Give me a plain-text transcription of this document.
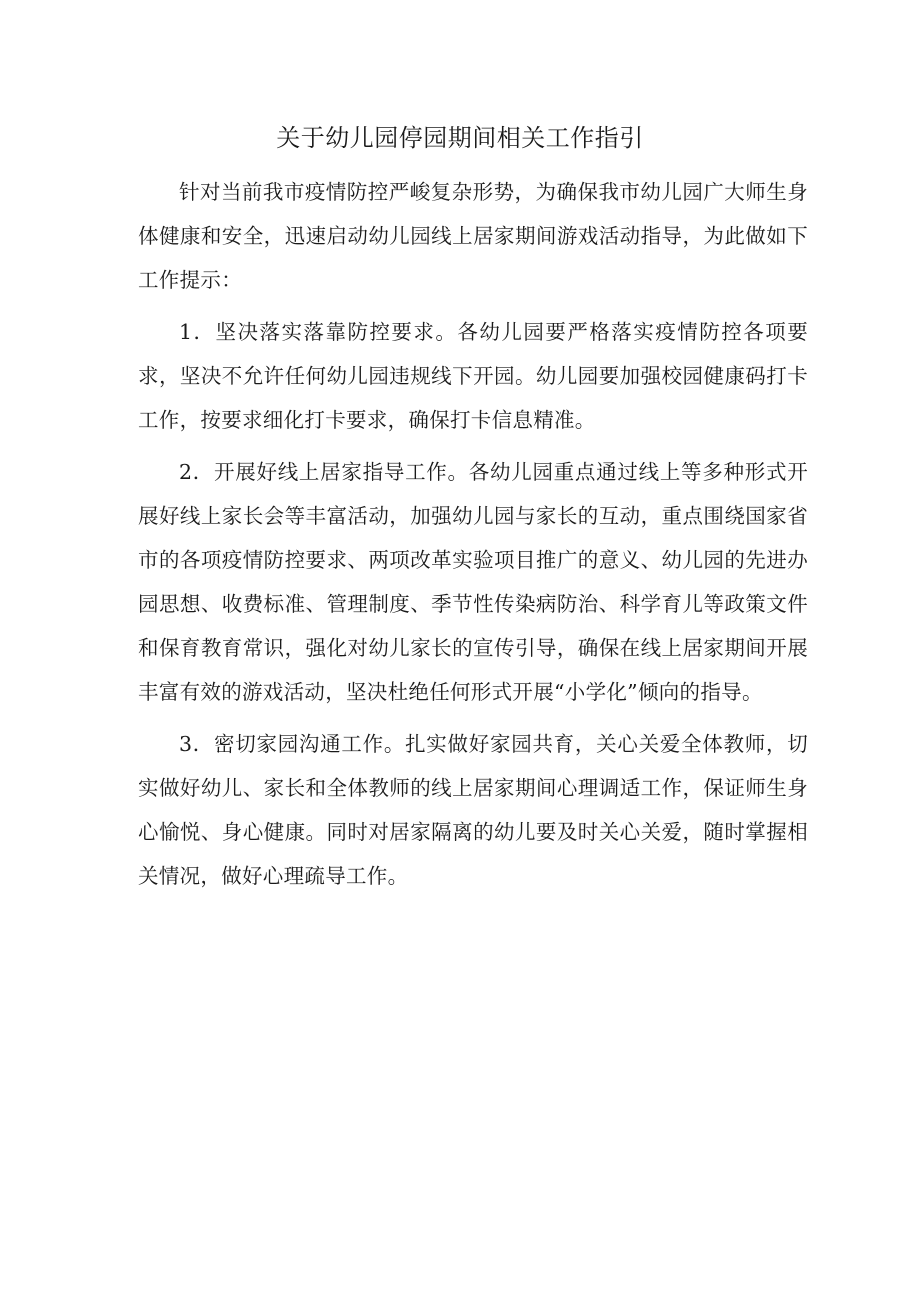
关于幼儿园停园期间相关工作指引

针对当前我市疫情防控严峻复杂形势，为确保我市幼儿园广大师生身体健康和安全，迅速启动幼儿园线上居家期间游戏活动指导，为此做如下工作提示：

1．坚决落实落靠防控要求。各幼儿园要严格落实疫情防控各项要求，坚决不允许任何幼儿园违规线下开园。幼儿园要加强校园健康码打卡工作，按要求细化打卡要求，确保打卡信息精准。

2．开展好线上居家指导工作。各幼儿园重点通过线上等多种形式开展好线上家长会等丰富活动，加强幼儿园与家长的互动，重点围绕国家省市的各项疫情防控要求、两项改革实验项目推广的意义、幼儿园的先进办园思想、收费标准、管理制度、季节性传染病防治、科学育儿等政策文件和保育教育常识，强化对幼儿家长的宣传引导，确保在线上居家期间开展丰富有效的游戏活动，坚决杜绝任何形式开展“小学化”倾向的指导。

3．密切家园沟通工作。扎实做好家园共育，关心关爱全体教师，切实做好幼儿、家长和全体教师的线上居家期间心理调适工作，保证师生身心愉悦、身心健康。同时对居家隔离的幼儿要及时关心关爱，随时掌握相关情况，做好心理疏导工作。
